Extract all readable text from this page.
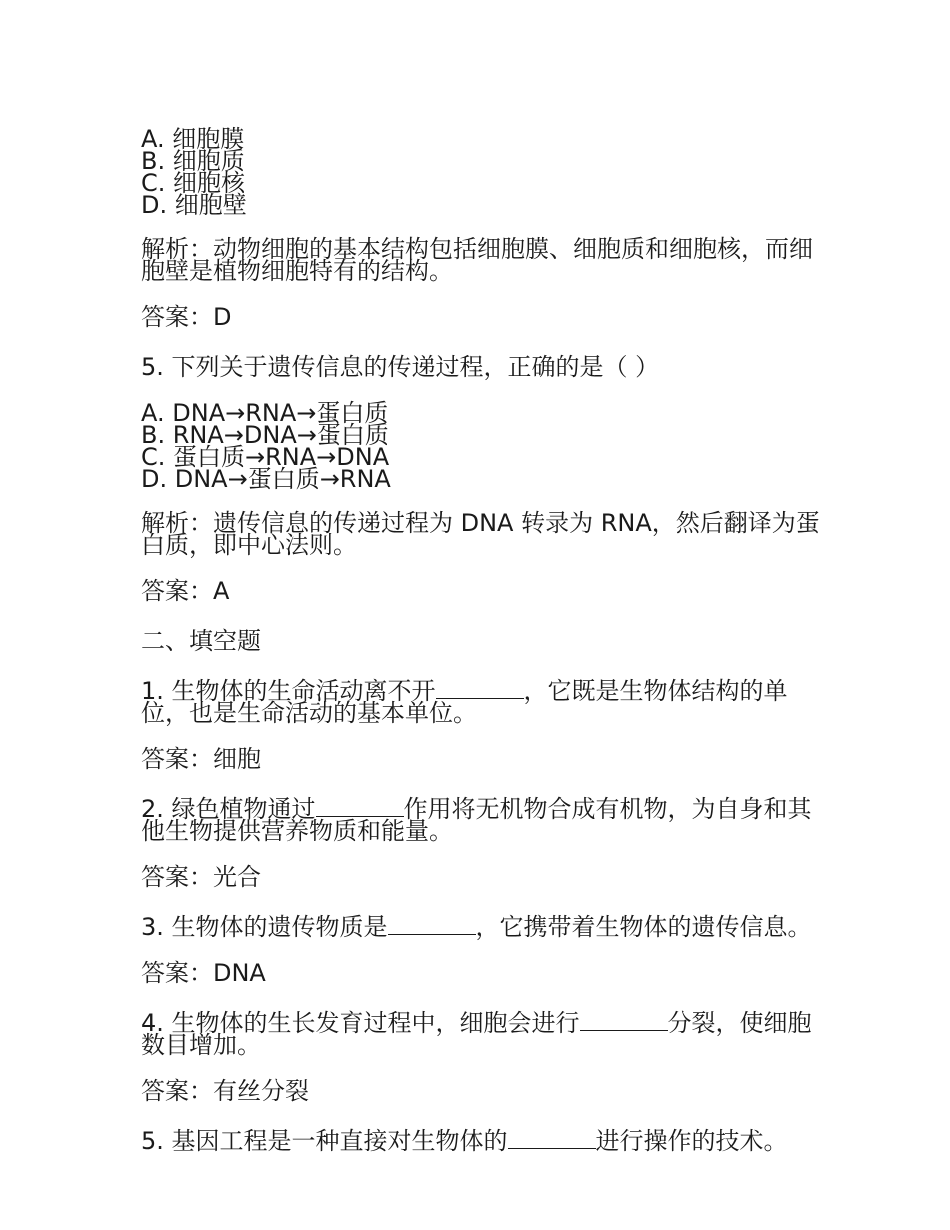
A. 细胞膜
B. 细胞质
C. 细胞核
D. 细胞壁
解析：动物细胞的基本结构包括细胞膜、细胞质和细胞核，而细胞壁是植物细胞特有的结构。
答案：D
5. 下列关于遗传信息的传递过程，正确的是（ ）
A. DNA→RNA→蛋白质
B. RNA→DNA→蛋白质
C. 蛋白质→RNA→DNA
D. DNA→蛋白质→RNA
解析：遗传信息的传递过程为 DNA 转录为 RNA，然后翻译为蛋白质，即中心法则。
答案：A
二、填空题
1. 生物体的生命活动离不开	，它既是生物体结构的单位，也是生命活动的基本单位。
答案：细胞
2. 绿色植物通过	作用将无机物合成有机物，为自身和其他生物提供营养物质和能量。
答案：光合
3. 生物体的遗传物质是	，它携带着生物体的遗传信息。
答案：DNA
4. 生物体的生长发育过程中，细胞会进行	分裂，使细胞数目增加。
答案：有丝分裂
5. 基因工程是一种直接对生物体的	进行操作的技术。
